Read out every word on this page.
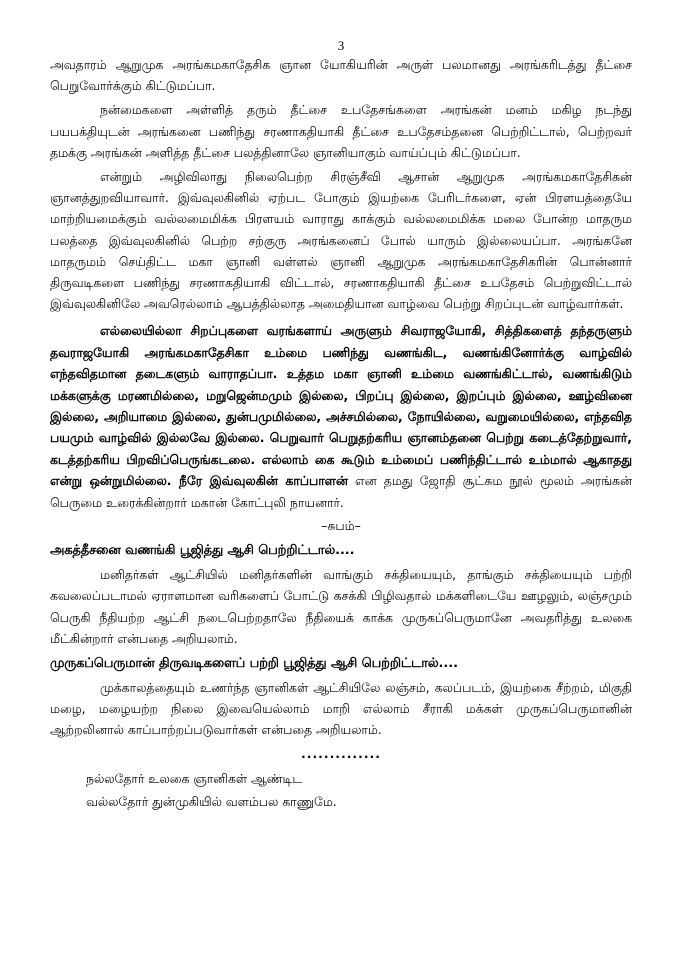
3

அவதாரம் ஆறுமுக அரங்கமகாதேசிக ஞான யோகியரின் அருள் பலமானது அரங்கரிடத்து தீட்சை பெறுவோர்க்கும் கிட்டுமப்பா.

நன்மைகளை அள்ளித் தரும் தீட்சை உபதேசங்களை அரங்கன் மனம் மகிழ நடந்து பயபக்தியுடன் அரங்கனை பணிந்து சரணாகதியாகி தீட்சை உபதேசம்தனை பெற்றிட்டால், பெற்றவர் தமக்கு அரங்கன் அளித்த தீட்சை பலத்தினாலே ஞானியாகும் வாய்ப்பும் கிட்டுமப்பா.

என்றும் அழிவிலாது நிலைபெற்ற சிரஞ்சீவி ஆசான் ஆறுமுக அரங்கமகாதேசிகன் ஞானத்துறவியாவார். இவ்வுலகினில் ஏற்பட போகும் இயற்கை பேரிடர்களை, ஏன் பிரளயத்தையே மாற்றியமைக்கும் வல்லமைமிக்க பிரளயம் வாராது காக்கும் வல்லமைமிக்க மலை போன்ற மாதரும பலத்தை இவ்வுலகினில் பெற்ற சற்குரு அரங்கனைப் போல் யாரும் இல்லையப்பா. அரங்கனே மாதருமம் செய்திட்ட மகா ஞானி வள்ளல் ஞானி ஆறுமுக அரங்கமகாதேசிகரின் பொன்னார் திருவடிகளை பணிந்து சரணாகதியாகி விட்டால், சரணாகதியாகி தீட்சை உபதேசம் பெற்றுவிட்டால் இவ்வுலகினிலே அவரெல்லாம் ஆபத்தில்லாத அமைதியான வாழ்வை பெற்று சிறப்புடன் வாழ்வார்கள்.

எல்லையில்லா சிறப்புகளை வரங்களாய் அருளும் சிவராஜயோகி, சித்திகளைத் தந்தருளும் தவராஜயோகி அரங்கமகாதேசிகா உம்மை பணிந்து வணங்கிட, வணங்கினோர்க்கு வாழ்வில் எந்தவிதமான தடைகளும் வாராதப்பா. உத்தம மகா ஞானி உம்மை வணங்கிட்டால், வணங்கிடும் மக்களுக்கு மரணமில்லை, மறுஜென்மமும் இல்லை, பிறப்பு இல்லை, இறப்பும் இல்லை, ஊழ்வினை இல்லை, அறியாமை இல்லை, துன்பமுமில்லை, அச்சமில்லை, நோயில்லை, வறுமையில்லை, எந்தவித பயமும் வாழ்வில் இல்லவே இல்லை. பெறுவார் பெறுதற்கரிய ஞானம்தனை பெற்று கடைத்தேற்றுவார், கடத்தற்கரிய பிறவிப்பெருங்கடலை. எல்லாம் கை கூடும் உம்மைப் பணிந்திட்டால் உம்மால் ஆகாதது என்று ஒன்றுமில்லை. நீரே இவ்வுலகின் காப்பாளன் என தமது ஜோதி சூட்சும நூல் மூலம் அரங்கன் பெருமை உரைக்கின்றார் மகான் கோட்புலி நாயனார்.

–சுபம்–
அகத்தீசனை வணங்கி பூஜித்து ஆசி பெற்றிட்டால்....

மனிதர்கள் ஆட்சியில் மனிதர்களின் வாங்கும் சக்தியையும், தாங்கும் சக்தியையும் பற்றி கவலைப்படாமல் ஏராளமான வரிகளைப் போட்டு கசக்கி பிழிவதால் மக்களிடையே ஊழலும், லஞ்சமும் பெருகி நீதியற்ற ஆட்சி நடைபெற்றதாலே நீதியைக் காக்க முருகப்பெருமானே அவதரித்து உலகை மீட்கின்றார் என்பதை அறியலாம்.

முருகப்பெருமான் திருவடிகளைப் பற்றி பூஜித்து ஆசி பெற்றிட்டால்....

முக்காலத்தையும் உணர்ந்த ஞானிகள் ஆட்சியிலே லஞ்சம், கலப்படம், இயற்கை சீற்றம், மிகுதி மழை, மழையற்ற நிலை இவையெல்லாம் மாறி எல்லாம் சீராகி மக்கள் முருகப்பெருமானின் ஆற்றலினால் காப்பாற்றப்படுவார்கள் என்பதை அறியலாம்.

..............
நல்லதோர் உலகை ஞானிகள் ஆண்டிட
வல்லதோர் துன்முகியில் வளம்பல காணுமே.
